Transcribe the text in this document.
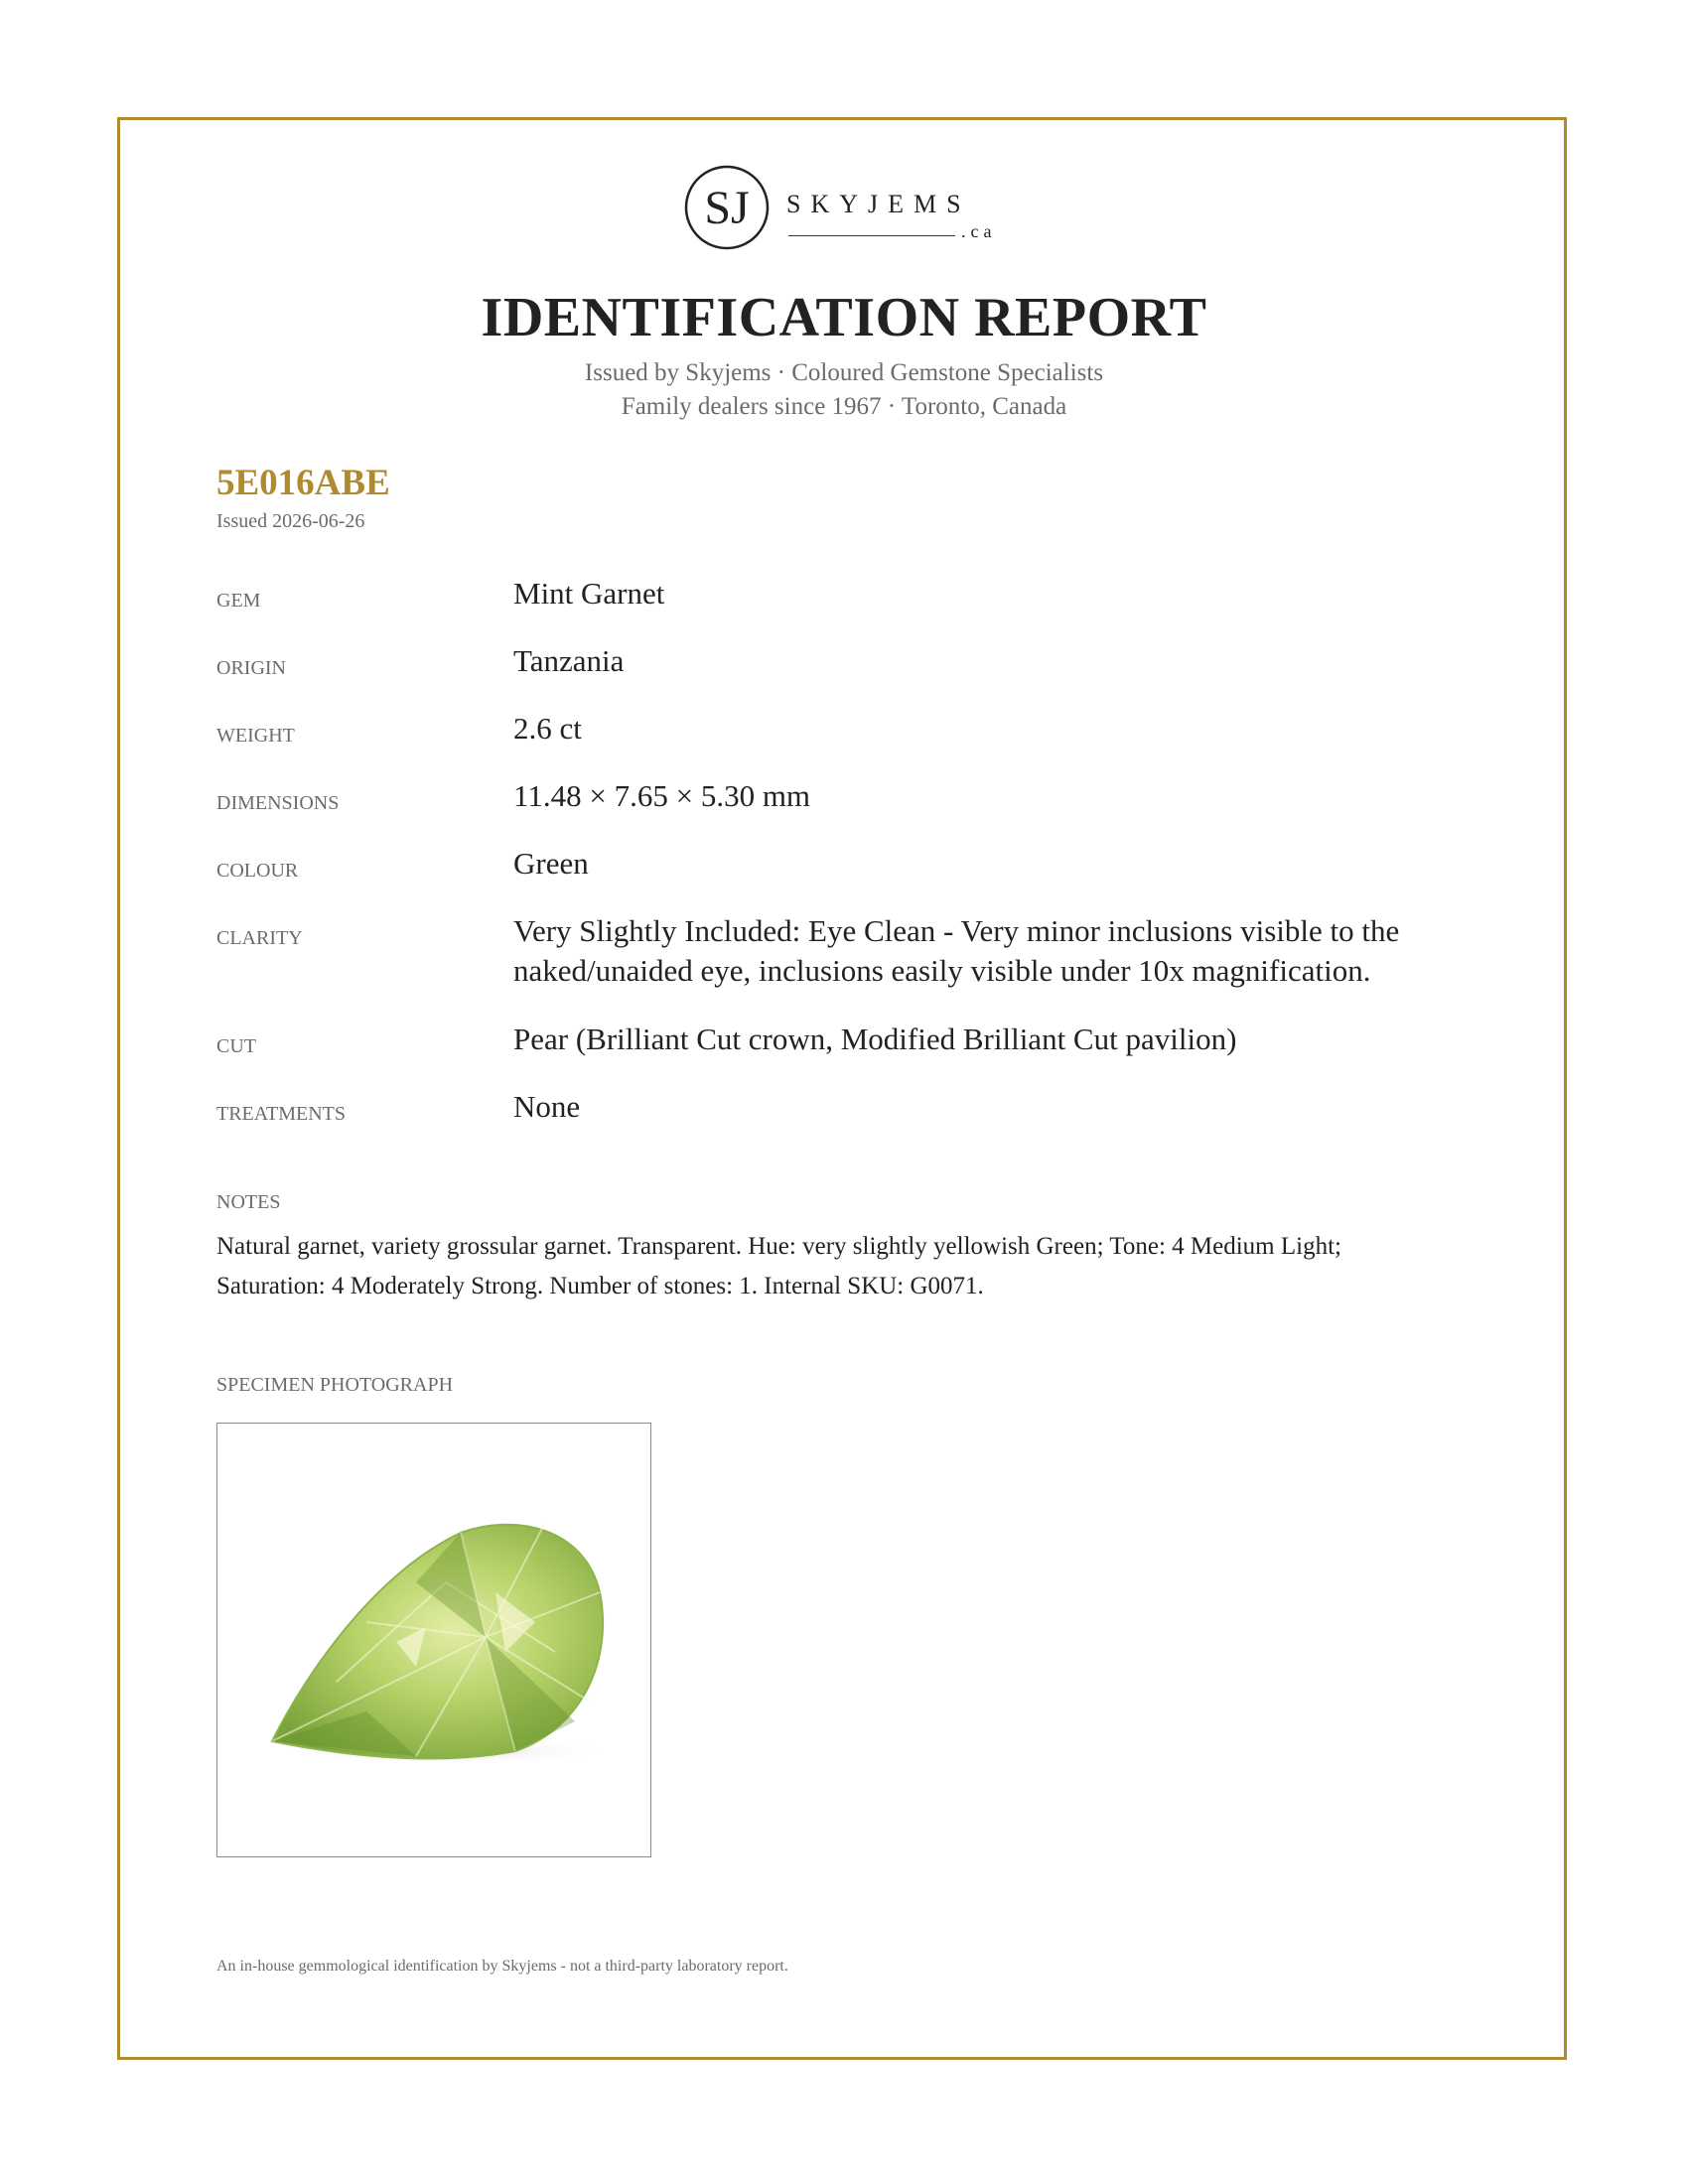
SJ SKYJEMS
.ca
IDENTIFICATION REPORT
Issued by Skyjems · Coloured Gemstone Specialists
Family dealers since 1967 · Toronto, Canada
5E016ABE
Issued 2026-06-26
GEM	Mint Garnet
ORIGIN	Tanzania
WEIGHT	2.6 ct
DIMENSIONS	11.48 × 7.65 × 5.30 mm
COLOUR	Green
CLARITY	Very Slightly Included: Eye Clean - Very minor inclusions visible to the naked/unaided eye, inclusions easily visible under 10x magnification.
CUT	Pear (Brilliant Cut crown, Modified Brilliant Cut pavilion)
TREATMENTS	None
NOTES
Natural garnet, variety grossular garnet. Transparent. Hue: very slightly yellowish Green; Tone: 4 Medium Light; Saturation: 4 Moderately Strong. Number of stones: 1. Internal SKU: G0071.
SPECIMEN PHOTOGRAPH
An in-house gemmological identification by Skyjems - not a third-party laboratory report.
